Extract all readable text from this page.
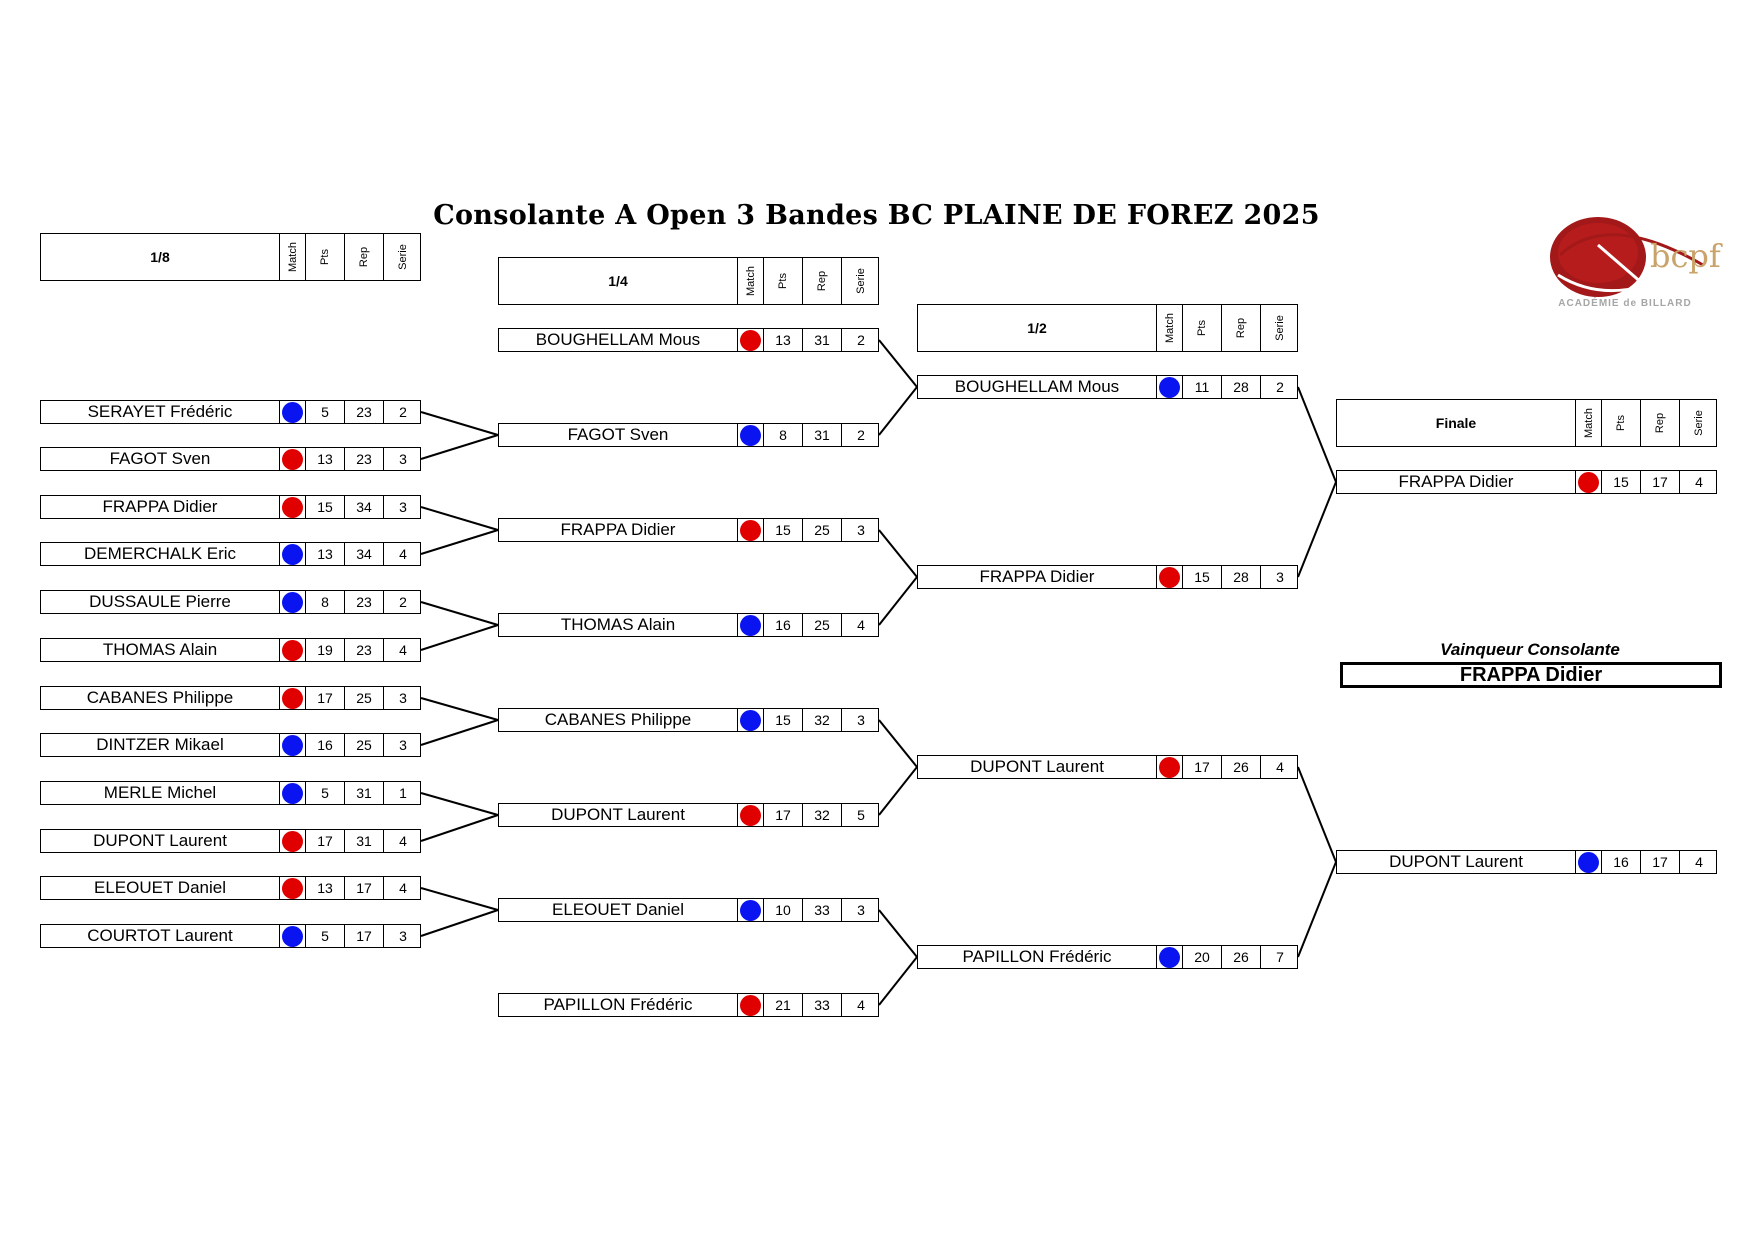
Consolante A Open 3 Bandes BC PLAINE DE FOREZ 2025
1/8	Match Pts Rep Serie
SERAYET Frédéric	5	23	2
FAGOT Sven	13	23	3
FRAPPA Didier	15	34	3
DEMERCHALK Eric	13	34	4
DUSSAULE Pierre	8	23	2
THOMAS Alain	19	23	4
CABANES Philippe	17	25	3
DINTZER Mikael	16	25	3
MERLE Michel	5	31	1
DUPONT Laurent	17	31	4
ELEOUET Daniel	13	17	4
COURTOT Laurent	5	17	3
1/4	Match Pts Rep Serie
BOUGHELLAM Mous	13	31	2
FAGOT Sven	8	31	2
FRAPPA Didier	15	25	3
THOMAS Alain	16	25	4
CABANES Philippe	15	32	3
DUPONT Laurent	17	32	5
ELEOUET Daniel	10	33	3
PAPILLON Frédéric	21	33	4
1/2	Match Pts Rep Serie
BOUGHELLAM Mous	11	28	2
FRAPPA Didier	15	28	3
DUPONT Laurent	17	26	4
PAPILLON Frédéric	20	26	7
Finale	Match Pts Rep Serie
FRAPPA Didier	15	17	4
DUPONT Laurent	16	17	4
Vainqueur Consolante
FRAPPA Didier
bcpf
ACADÉMIE de BILLARD
